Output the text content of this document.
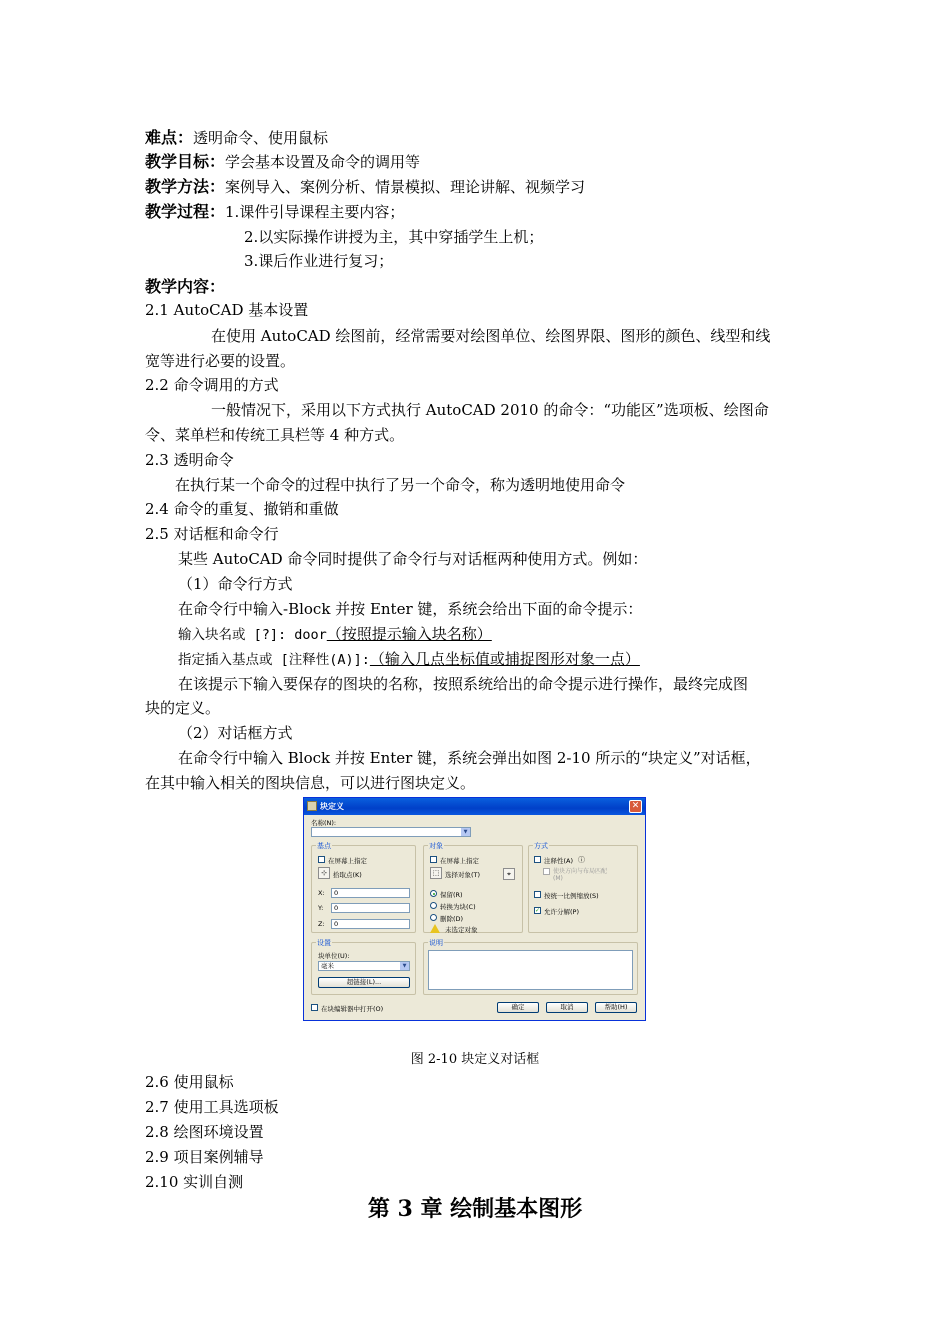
难点：透明命令、使用鼠标
教学目标：学会基本设置及命令的调用等
教学方法：案例导入、案例分析、情景模拟、理论讲解、视频学习
教学过程：1.课件引导课程主要内容；
2.以实际操作讲授为主，其中穿插学生上机；
3.课后作业进行复习；
教学内容：
2.1 AutoCAD 基本设置
在使用 AutoCAD 绘图前，经常需要对绘图单位、绘图界限、图形的颜色、线型和线
宽等进行必要的设置。
2.2 命令调用的方式
一般情况下，采用以下方式执行 AutoCAD 2010 的命令：“功能区”选项板、绘图命
令、菜单栏和传统工具栏等 4 种方式。
2.3 透明命令
在执行某一个命令的过程中执行了另一个命令，称为透明地使用命令
2.4 命令的重复、撤销和重做
2.5 对话框和命令行
某些 AutoCAD 命令同时提供了命令行与对话框两种使用方式。例如：
（1）命令行方式
在命令行中输入-Block 并按 Enter 键，系统会给出下面的命令提示：
输入块名或 [?]: door（按照提示输入块名称）
指定插入基点或 [注释性(A)]:（输入几点坐标值或捕捉图形对象一点）
在该提示下输入要保存的图块的名称，按照系统给出的命令提示进行操作，最终完成图
块的定义。
（2）对话框方式
在命令行中输入 Block 并按 Enter 键，系统会弹出如图 2-10 所示的“块定义”对话框，
在其中输入相关的图块信息，可以进行图块定义。
块定义	✕
名称(N):
▼
基点
在屏幕上指定
⊹ 拾取点(K)
X:	0
Y:	0
Z:	0
对象
在屏幕上指定
⬚ 选择对象(T)	⌖
保留(R)
转换为块(C)
删除(D)
未选定对象
方式
注释性(A) ⓘ
使块方向与布局匹配(M)
按统一比例缩放(S)
✓ 允许分解(P)
设置
块单位(U):
毫米	▼
超链接(L)...
说明
在块编辑器中打开(O)	确定	取消	帮助(H)
图 2-10 块定义对话框
2.6 使用鼠标
2.7 使用工具选项板
2.8 绘图环境设置
2.9 项目案例辅导
2.10 实训自测
第 3 章 绘制基本图形
